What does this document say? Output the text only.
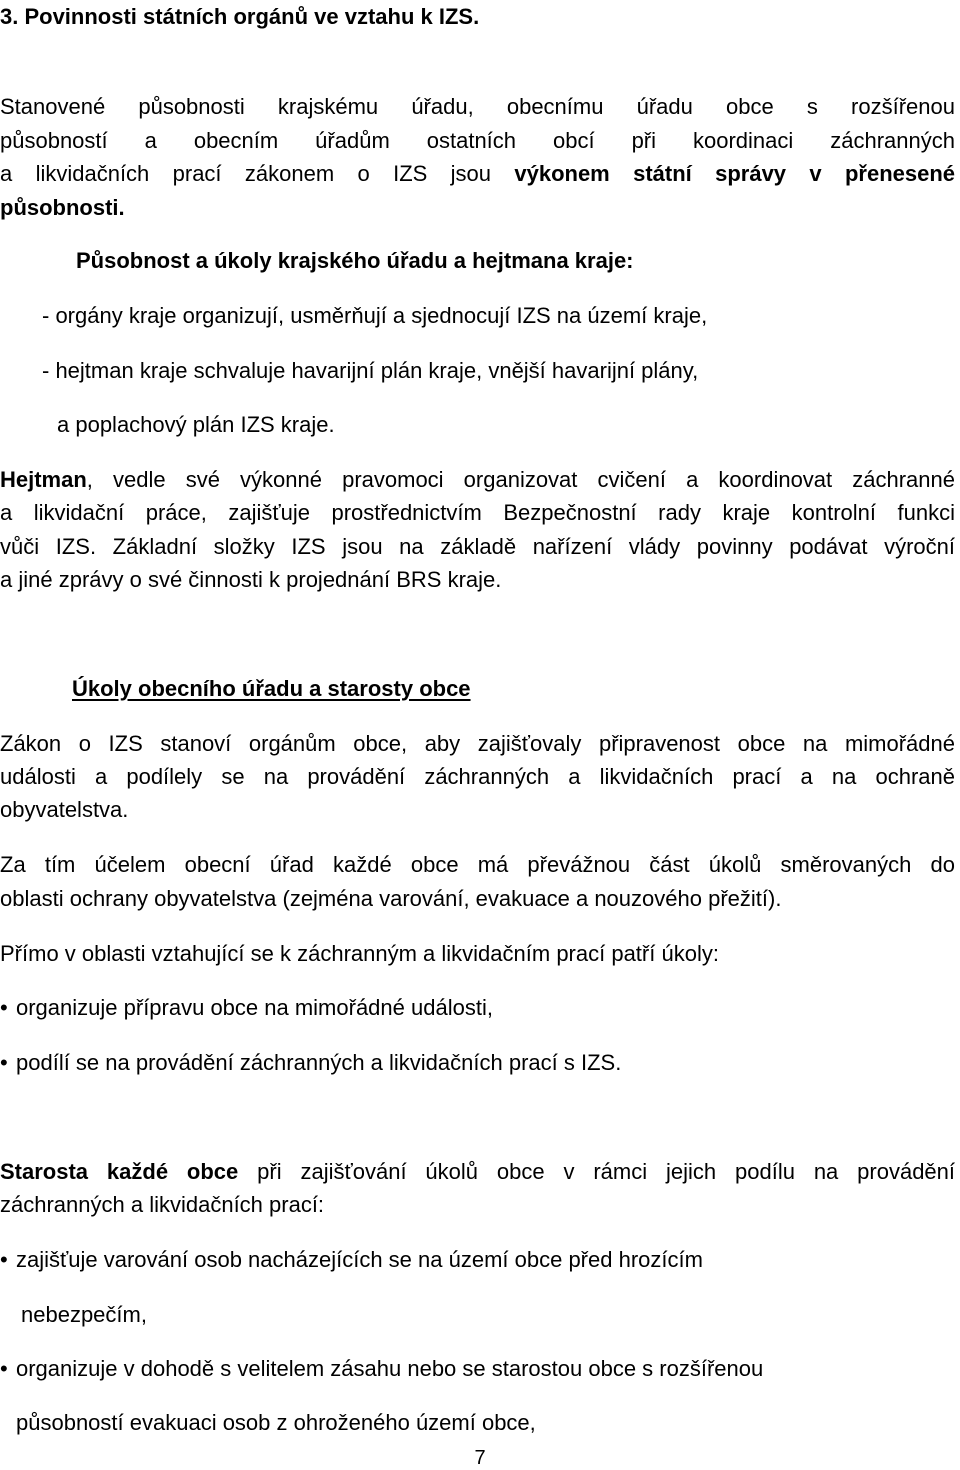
3. Povinnosti státních orgánů ve vztahu k IZS.
Stanovené působnosti krajskému úřadu, obecnímu úřadu obce s rozšířenou
působností a obecním úřadům ostatních obcí při koordinaci záchranných
a likvidačních prací zákonem o IZS jsou výkonem státní správy v přenesené
působnosti.
Působnost a úkoly krajského úřadu a hejtmana kraje:
- orgány kraje organizují, usměrňují a sjednocují IZS na území kraje,
- hejtman kraje schvaluje havarijní plán kraje, vnější havarijní plány,
a poplachový plán IZS kraje.
Hejtman, vedle své výkonné pravomoci organizovat cvičení a koordinovat záchranné
a likvidační práce, zajišťuje prostřednictvím Bezpečnostní rady kraje kontrolní funkci
vůči IZS. Základní složky IZS jsou na základě nařízení vlády povinny podávat výroční
a jiné zprávy o své činnosti k projednání BRS kraje.
Úkoly obecního úřadu a starosty obce
Zákon o IZS stanoví orgánům obce, aby zajišťovaly připravenost obce na mimořádné
události a podílely se na provádění záchranných a likvidačních prací a na ochraně
obyvatelstva.
Za tím účelem obecní úřad každé obce má převážnou část úkolů směrovaných do
oblasti ochrany obyvatelstva (zejména varování, evakuace a nouzového přežití).
Přímo v oblasti vztahující se k záchranným a likvidačním prací patří úkoly:
• organizuje přípravu obce na mimořádné události,
• podílí se na provádění záchranných a likvidačních prací s IZS.
Starosta každé obce při zajišťování úkolů obce v rámci jejich podílu na provádění
záchranných a likvidačních prací:
• zajišťuje varování osob nacházejících se na území obce před hrozícím
nebezpečím,
• organizuje v dohodě s velitelem zásahu nebo se starostou obce s rozšířenou
působností evakuaci osob z ohroženého území obce,
7
